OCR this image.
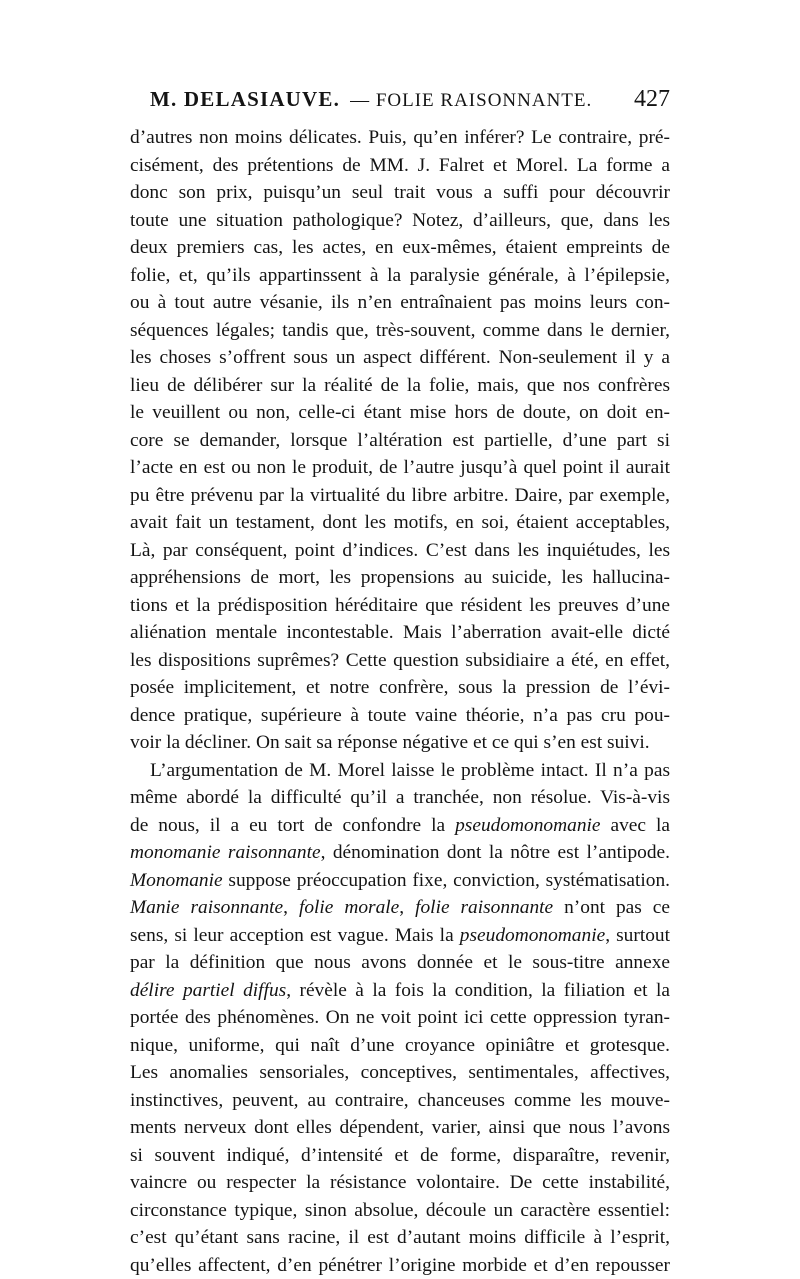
M. DELASIAUVE. — FOLIE RAISONNANTE. 427
d’autres non moins délicates. Puis, qu’en inférer? Le contraire, pré-
cisément, des prétentions de MM. J. Falret et Morel. La forme a
donc son prix, puisqu’un seul trait vous a suffi pour découvrir
toute une situation pathologique? Notez, d’ailleurs, que, dans les
deux premiers cas, les actes, en eux-mêmes, étaient empreints de
folie, et, qu’ils appartinssent à la paralysie générale, à l’épilepsie,
ou à tout autre vésanie, ils n’en entraînaient pas moins leurs con-
séquences légales; tandis que, très-souvent, comme dans le dernier,
les choses s’offrent sous un aspect différent. Non-seulement il y a
lieu de délibérer sur la réalité de la folie, mais, que nos confrères
le veuillent ou non, celle-ci étant mise hors de doute, on doit en-
core se demander, lorsque l’altération est partielle, d’une part si
l’acte en est ou non le produit, de l’autre jusqu’à quel point il aurait
pu être prévenu par la virtualité du libre arbitre. Daire, par exemple,
avait fait un testament, dont les motifs, en soi, étaient acceptables,
Là, par conséquent, point d’indices. C’est dans les inquiétudes, les
appréhensions de mort, les propensions au suicide, les hallucina-
tions et la prédisposition héréditaire que résident les preuves d’une
aliénation mentale incontestable. Mais l’aberration avait-elle dicté
les dispositions suprêmes? Cette question subsidiaire a été, en effet,
posée implicitement, et notre confrère, sous la pression de l’évi-
dence pratique, supérieure à toute vaine théorie, n’a pas cru pou-
voir la décliner. On sait sa réponse négative et ce qui s’en est suivi.
L’argumentation de M. Morel laisse le problème intact. Il n’a pas
même abordé la difficulté qu’il a tranchée, non résolue. Vis-à-vis
de nous, il a eu tort de confondre la pseudomonomanie avec la
monomanie raisonnante, dénomination dont la nôtre est l’antipode.
Monomanie suppose préoccupation fixe, conviction, systématisation.
Manie raisonnante, folie morale, folie raisonnante n’ont pas ce
sens, si leur acception est vague. Mais la pseudomonomanie, surtout
par la définition que nous avons donnée et le sous-titre annexe
délire partiel diffus, révèle à la fois la condition, la filiation et la
portée des phénomènes. On ne voit point ici cette oppression tyran-
nique, uniforme, qui naît d’une croyance opiniâtre et grotesque.
Les anomalies sensoriales, conceptives, sentimentales, affectives,
instinctives, peuvent, au contraire, chanceuses comme les mouve-
ments nerveux dont elles dépendent, varier, ainsi que nous l’avons
si souvent indiqué, d’intensité et de forme, disparaître, revenir,
vaincre ou respecter la résistance volontaire. De cette instabilité,
circonstance typique, sinon absolue, découle un caractère essentiel:
c’est qu’étant sans racine, il est d’autant moins difficile à l’esprit,
qu’elles affectent, d’en pénétrer l’origine morbide et d’en repousser
